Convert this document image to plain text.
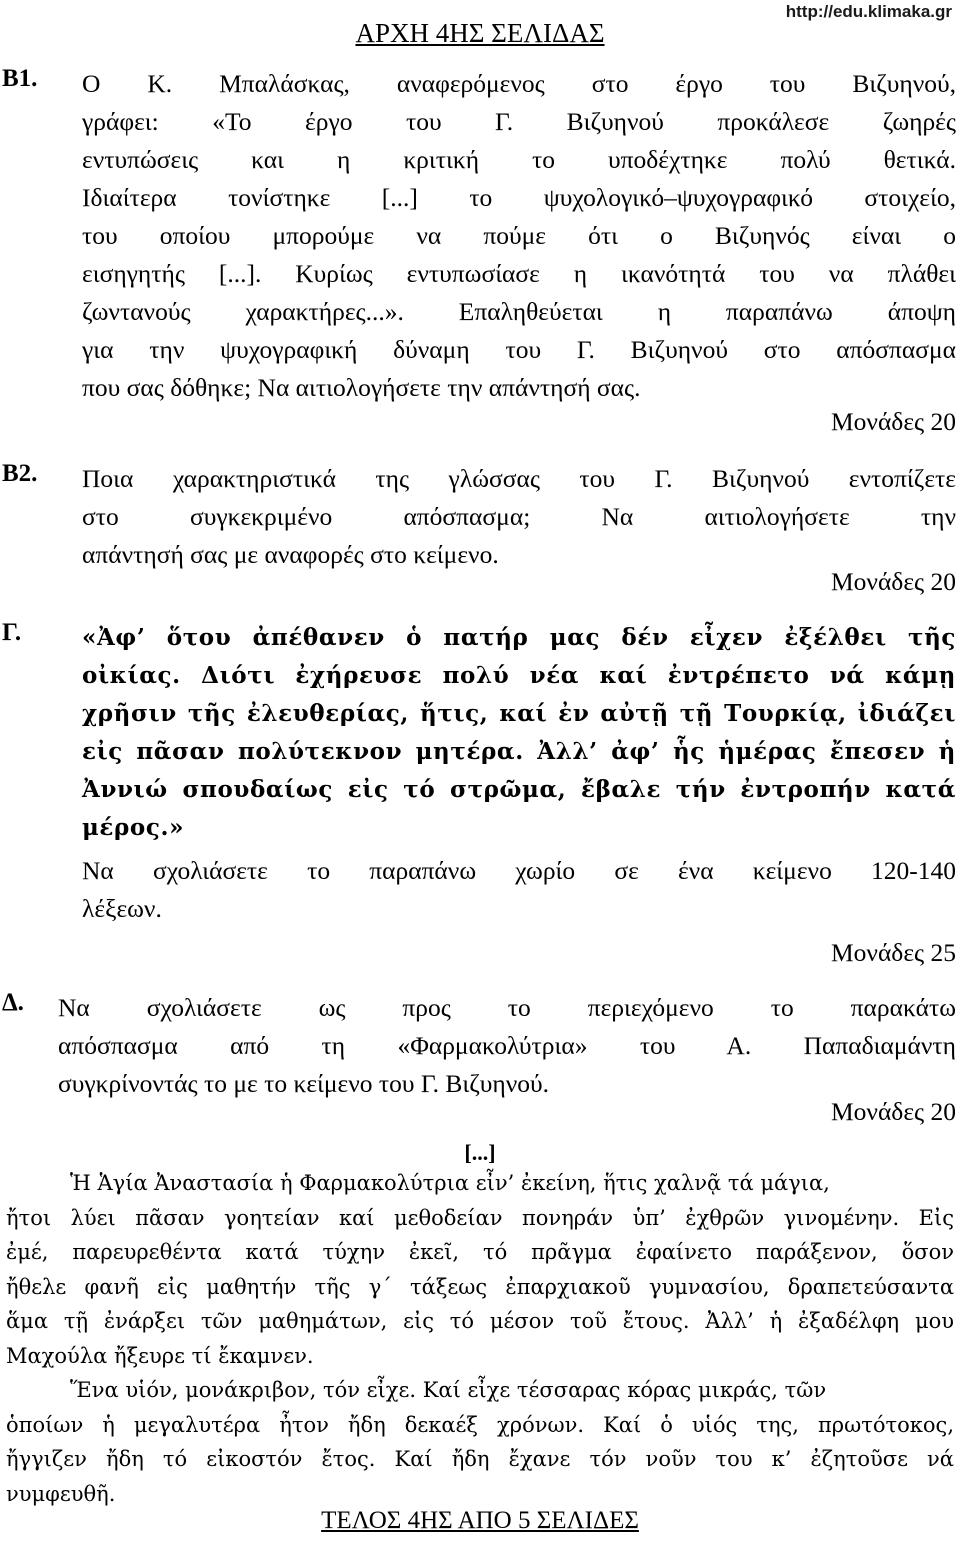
http://edu.klimaka.gr
ΑΡΧΗ 4ΗΣ ΣΕΛΙΔΑΣ
Β1. Ο Κ. Μπαλάσκας, αναφερόμενος στο έργο του Βιζυηνού,
γράφει: «Το έργο του Γ. Βιζυηνού προκάλεσε ζωηρές
εντυπώσεις και η κριτική το υποδέχτηκε πολύ θετικά.
Ιδιαίτερα τονίστηκε [...] το ψυχολογικό–ψυχογραφικό στοιχείο,
του οποίου μπορούμε να πούμε ότι ο Βιζυηνός είναι ο
εισηγητής [...]. Κυρίως εντυπωσίασε η ικανότητά του να πλάθει
ζωντανούς χαρακτήρες...». Επαληθεύεται η παραπάνω άποψη
για την ψυχογραφική δύναμη του Γ. Βιζυηνού στο απόσπασμα
που σας δόθηκε; Να αιτιολογήσετε την απάντησή σας.
Μονάδες 20
Β2. Ποια χαρακτηριστικά της γλώσσας του Γ. Βιζυηνού εντοπίζετε
στο συγκεκριμένο απόσπασμα; Να αιτιολογήσετε την
απάντησή σας με αναφορές στο κείμενο.
Μονάδες 20
Γ.	«Ἀφ’ ὅτου ἀπέθανεν ὁ πατήρ μας δέν εἶχεν ἐξέλθει τῆς
οἰκίας. Διότι ἐχήρευσε πολύ νέα καί ἐντρέπετο νά κάμῃ
χρῆσιν τῆς ἐλευθερίας, ἥτις, καί ἐν αὐτῇ τῇ Τουρκίᾳ, ἰδιάζει
εἰς πᾶσαν πολύτεκνον μητέρα. Ἀλλ’ ἀφ’ ἧς ἡμέρας ἔπεσεν ἡ
Ἀννιώ σπουδαίως εἰς τό στρῶμα, ἔβαλε τήν ἐντροπήν κατά
μέρος.»
Να σχολιάσετε το παραπάνω χωρίο σε ένα κείμενο 120-140
λέξεων.
Μονάδες 25
Δ. Να σχολιάσετε ως προς το περιεχόμενο το παρακάτω
απόσπασμα από τη «Φαρμακολύτρια» του Α. Παπαδιαμάντη
συγκρίνοντάς το με το κείμενο του Γ. Βιζυηνού.
Μονάδες 20
[...]
Ἡ Ἁγία Ἀναστασία ἡ Φαρμακολύτρια εἶν’ ἐκείνη, ἥτις χαλνᾷ τά μάγια,
ἤτοι λύει πᾶσαν γοητείαν καί μεθοδείαν πονηράν ὑπ’ ἐχθρῶν γινομένην. Εἰς
ἐμέ, παρευρεθέντα κατά τύχην ἐκεῖ, τό πρᾶγμα ἐφαίνετο παράξενον, ὅσον
ἤθελε φανῆ εἰς μαθητήν τῆς γ΄ τάξεως ἐπαρχιακοῦ γυμνασίου, δραπετεύσαντα
ἅμα τῇ ἐνάρξει τῶν μαθημάτων, εἰς τό μέσον τοῦ ἔτους. Ἀλλ’ ἡ ἐξαδέλφη μου
Μαχούλα ἤξευρε τί ἔκαμνεν.
Ἕνα υἱόν, μονάκριβον, τόν εἶχε. Καί εἶχε τέσσαρας κόρας μικράς, τῶν
ὁποίων ἡ μεγαλυτέρα ἦτον ἤδη δεκαέξ χρόνων. Καί ὁ υἱός της, πρωτότοκος,
ἤγγιζεν ἤδη τό εἰκοστόν ἔτος. Καί ἤδη ἔχανε τόν νοῦν του κ’ ἐζητοῦσε νά
νυμφευθῆ.
ΤΕΛΟΣ 4ΗΣ ΑΠΟ 5 ΣΕΛΙΔΕΣ
